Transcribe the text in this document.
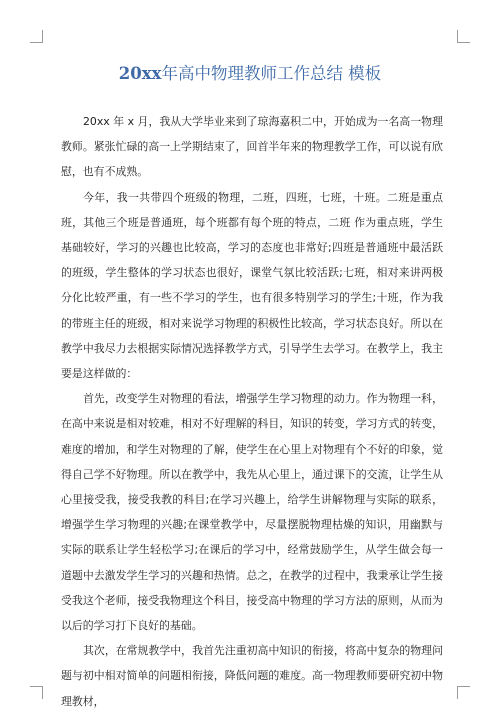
20xx年高中物理教师工作总结 模板

20xx 年 x 月，我从大学毕业来到了琼海嘉积二中，开始成为一名高一物理教师。紧张忙碌的高一上学期结束了，回首半年来的物理教学工作，可以说有欣慰，也有不成熟。

今年，我一共带四个班级的物理，二班，四班，七班，十班。二班是重点班，其他三个班是普通班，每个班都有每个班的特点，二班 作为重点班，学生基础较好，学习的兴趣也比较高，学习的态度也非常好;四班是普通班中最活跃的班级，学生整体的学习状态也很好，课堂气氛比较活跃;七班，相对来讲两极分化比较严重，有一些不学习的学生，也有很多特别学习的学生;十班，作为我的带班主任的班级，相对来说学习物理的积极性比较高，学习状态良好。所以在教学中我尽力去根据实际情况选择教学方式，引导学生去学习。在教学上，我主要是这样做的：

首先，改变学生对物理的看法，增强学生学习物理的动力。作为物理一科，在高中来说是相对较难，相对不好理解的科目，知识的转变，学习方式的转变，难度的增加，和学生对物理的了解，使学生在心里上对物理有个不好的印象，觉得自己学不好物理。所以在教学中，我先从心里上，通过课下的交流，让学生从心里接受我，接受我教的科目;在学习兴趣上，给学生讲解物理与实际的联系，增强学生学习物理的兴趣;在课堂教学中，尽量摆脱物理枯燥的知识，用幽默与实际的联系让学生轻松学习;在课后的学习中，经常鼓励学生，从学生做会每一道题中去激发学生学习的兴趣和热情。总之，在教学的过程中，我秉承让学生接受我这个老师，接受我物理这个科目，接受高中物理的学习方法的原则，从而为以后的学习打下良好的基础。

其次，在常规教学中，我首先注重初高中知识的衔接，将高中复杂的物理问题与初中相对简单的问题相衔接，降低问题的难度。高一物理教师要研究初中物理教材，
